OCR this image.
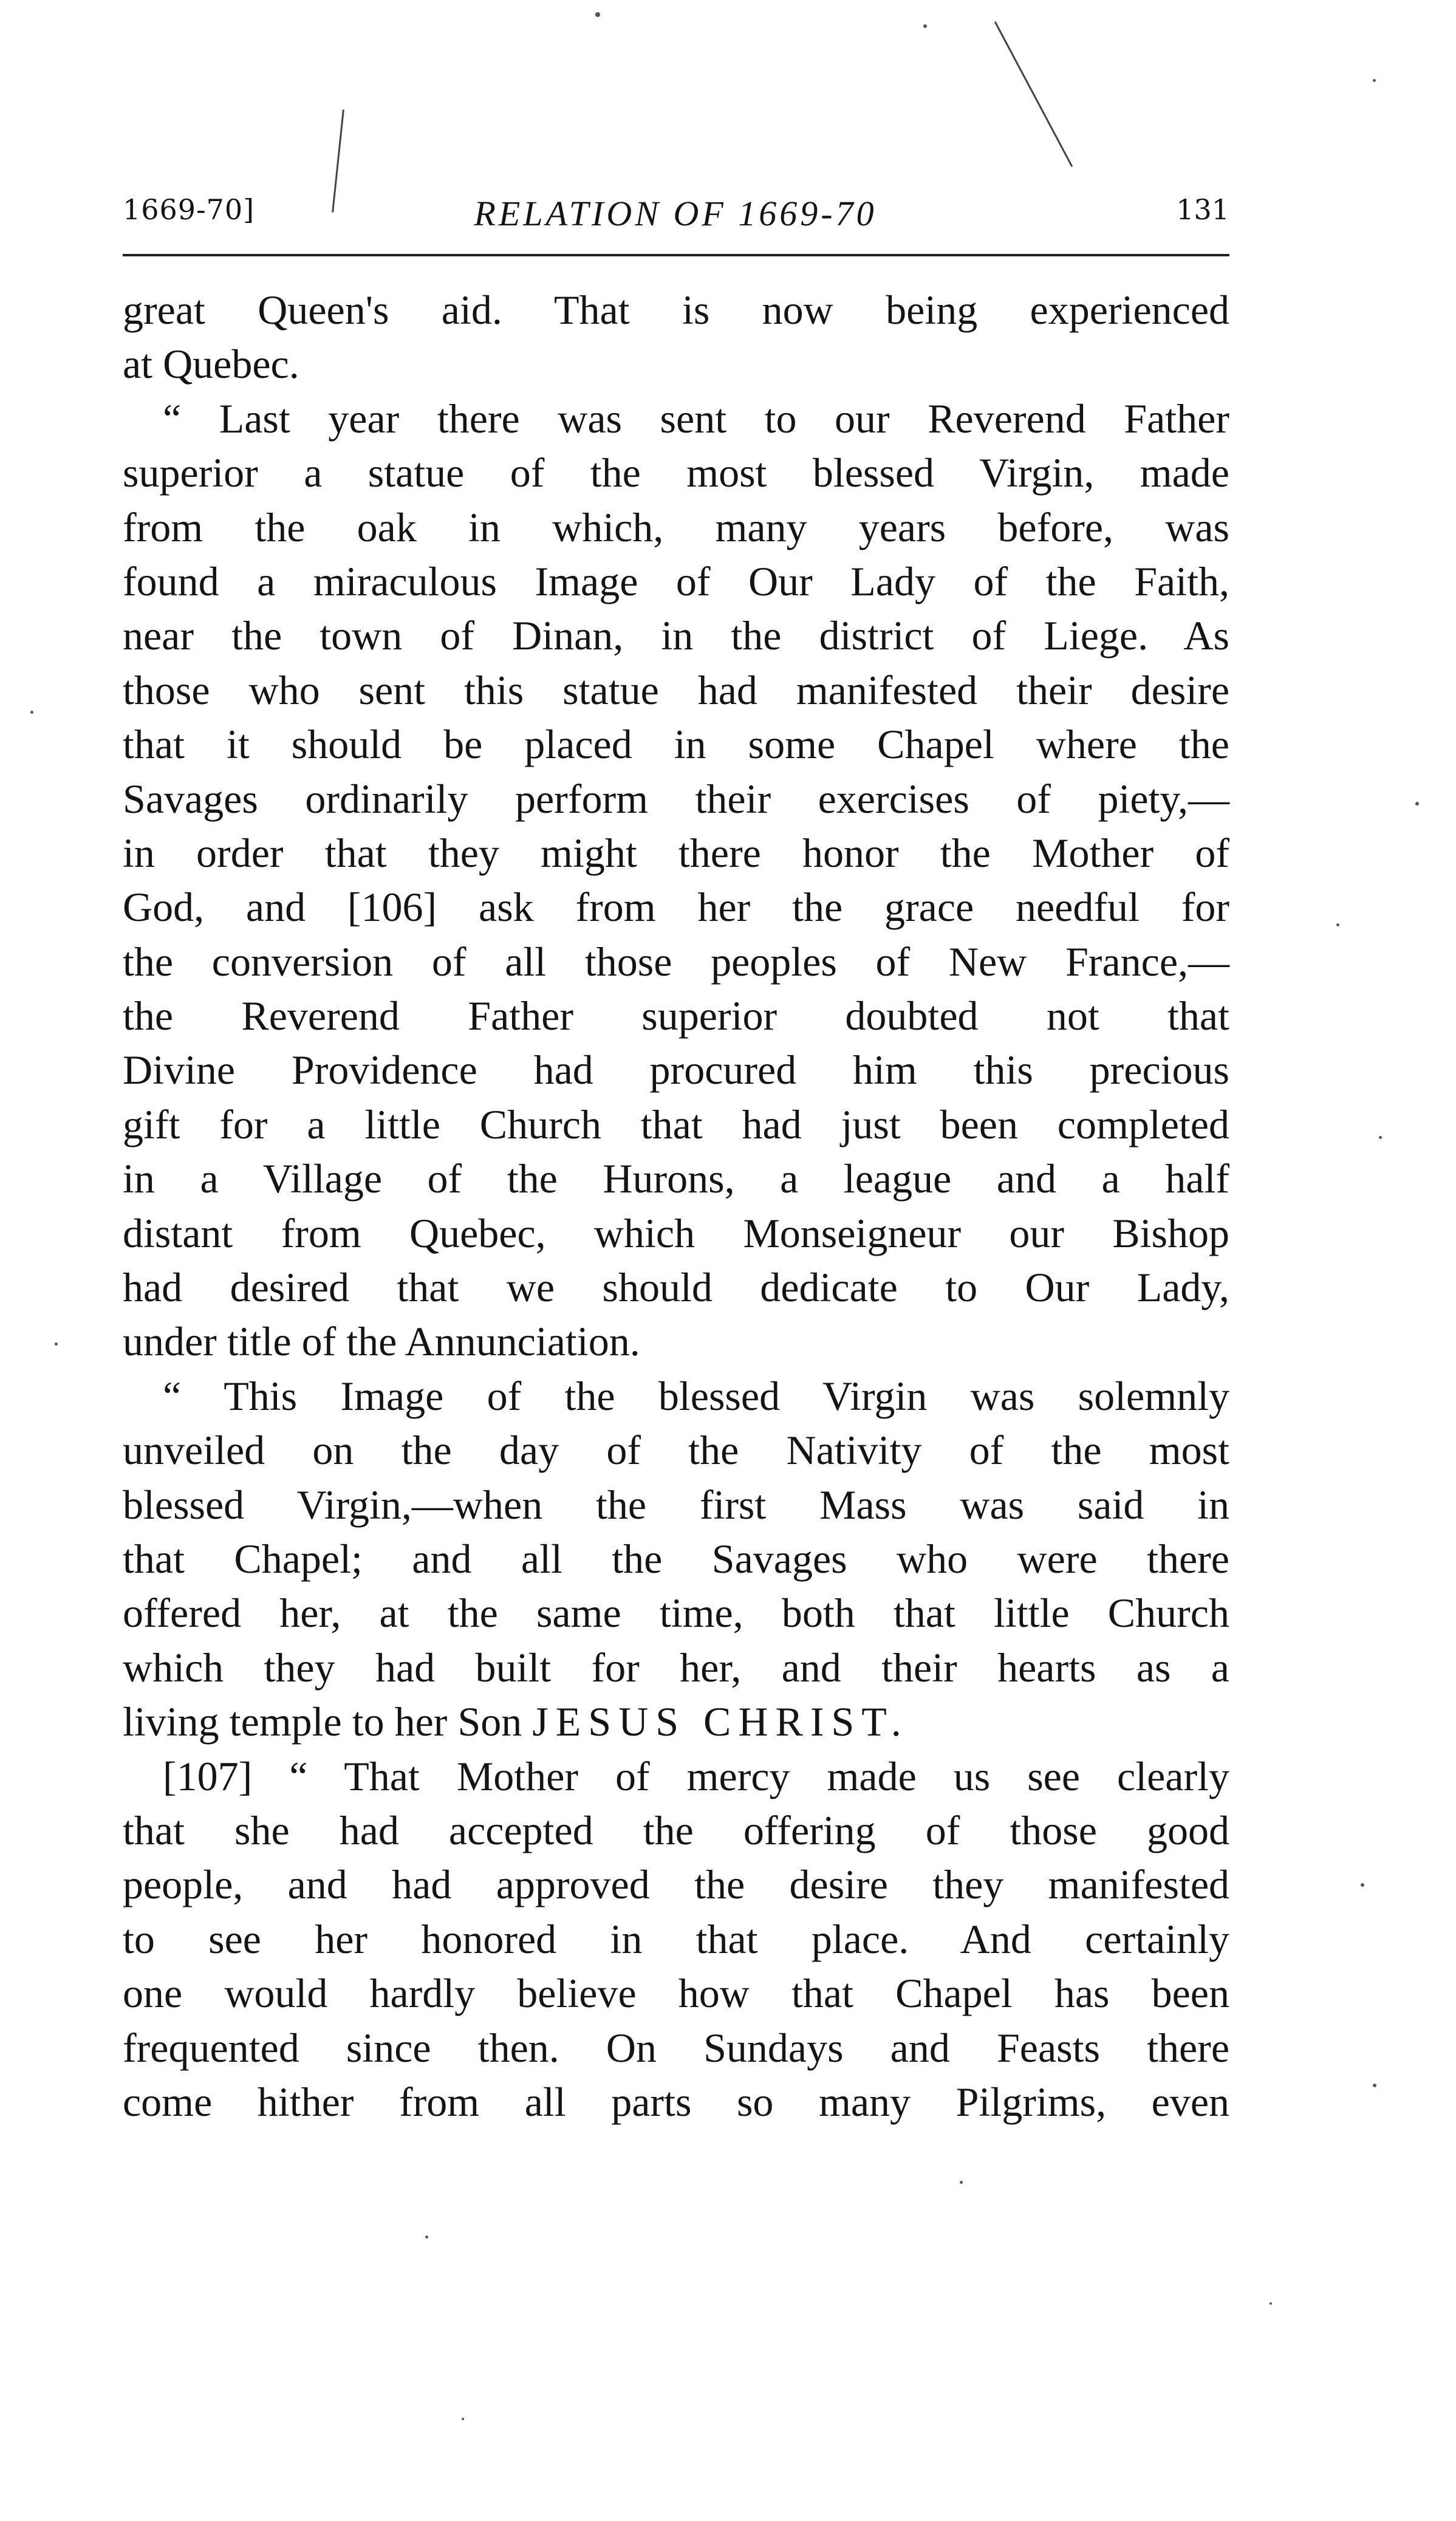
1669-70]	RELATION OF 1669-70	131
great Queen's aid. That is now being experienced
at Quebec.
“ Last year there was sent to our Reverend Father
superior a statue of the most blessed Virgin, made
from the oak in which, many years before, was
found a miraculous Image of Our Lady of the Faith,
near the town of Dinan, in the district of Liege. As
those who sent this statue had manifested their desire
that it should be placed in some Chapel where the
Savages ordinarily perform their exercises of piety,—
in order that they might there honor the Mother of
God, and [106] ask from her the grace needful for
the conversion of all those peoples of New France,—
the Reverend Father superior doubted not that
Divine Providence had procured him this precious
gift for a little Church that had just been completed
in a Village of the Hurons, a league and a half
distant from Quebec, which Monseigneur our Bishop
had desired that we should dedicate to Our Lady,
under title of the Annunciation.
“ This Image of the blessed Virgin was solemnly
unveiled on the day of the Nativity of the most
blessed Virgin,—when the first Mass was said in
that Chapel; and all the Savages who were there
offered her, at the same time, both that little Church
which they had built for her, and their hearts as a
living temple to her Son JESUS CHRIST.
[107] “ That Mother of mercy made us see clearly
that she had accepted the offering of those good
people, and had approved the desire they manifested
to see her honored in that place. And certainly
one would hardly believe how that Chapel has been
frequented since then. On Sundays and Feasts there
come hither from all parts so many Pilgrims, even
